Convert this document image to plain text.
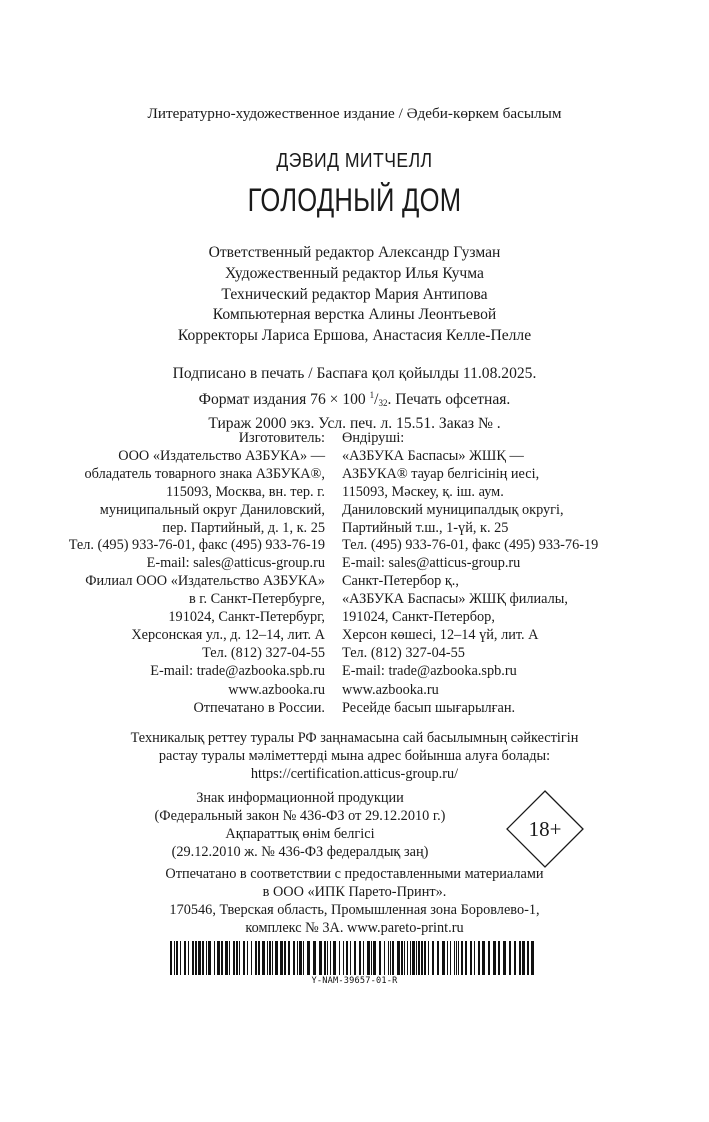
Литературно-художественное издание / Әдеби-көркем басылым
ДЭВИД МИТЧЕЛЛ
ГОЛОДНЫЙ ДОМ
Ответственный редактор Александр Гузман
Художественный редактор Илья Кучма
Технический редактор Мария Антипова
Компьютерная верстка Алины Леонтьевой
Корректоры Лариса Ершова, Анастасия Келле-Пелле
Подписано в печать / Баспаға қол қойылды 11.08.2025.
Формат издания 76 × 100 $^1/_{32}$. Печать офсетная.
Тираж 2000 экз. Усл. печ. л. 15.51. Заказ № .
Изготовитель:
ООО «Издательство АЗБУКА» —
обладатель товарного знака АЗБУКА®,
115093, Москва, вн. тер. г.
муниципальный округ Даниловский,
пер. Партийный, д. 1, к. 25
Тел. (495) 933-76-01, факс (495) 933-76-19
E-mail: sales@atticus-group.ru
Өндіруші:
«АЗБУКА Баспасы» ЖШҚ —
АЗБУКА® тауар белгісінің иесі,
115093, Мәскеу, қ. іш. аум.
Даниловский муниципалдық округі,
Партийный т.ш., 1-үй, к. 25
Тел. (495) 933-76-01, факс (495) 933-76-19
E-mail: sales@atticus-group.ru
Филиал ООО «Издательство АЗБУКА»
в г. Санкт-Петербурге,
191024, Санкт-Петербург,
Херсонская ул., д. 12–14, лит. А
Тел. (812) 327-04-55
E-mail: trade@azbooka.spb.ru
Санкт-Петербор қ.,
«АЗБУКА Баспасы» ЖШҚ филиалы,
191024, Санкт-Петербор,
Херсон көшесі, 12–14 үй, лит. А
Тел. (812) 327-04-55
E-mail: trade@azbooka.spb.ru
www.azbooka.ru
Отпечатано в России.
www.azbooka.ru
Ресейде басып шығарылған.
Техникалық реттеу туралы РФ заңнамасына сай басылымның сәйкестігін
растау туралы мәліметтерді мына адрес бойынша алуға болады:
https://certification.atticus-group.ru/
Знак информационной продукции
(Федеральный закон № 436-ФЗ от 29.12.2010 г.)
Ақпараттық өнім белгісі
(29.12.2010 ж. № 436-ФЗ федералдық заң)
18+
Отпечатано в соответствии с предоставленными материалами
в ООО «ИПК Парето-Принт».
170546, Тверская область, Промышленная зона Боровлево-1,
комплекс № 3А. www.pareto-print.ru
Y-NAM-39657-01-R
